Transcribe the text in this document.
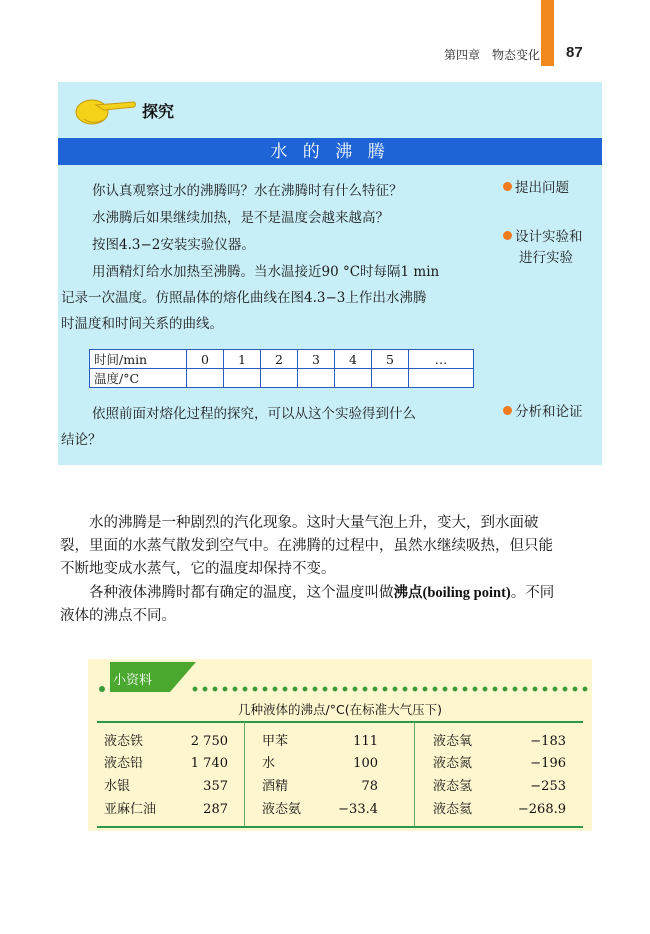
第四章　物态变化 87
探究
水 的 沸 腾
你认真观察过水的沸腾吗？水在沸腾时有什么特征？
水沸腾后如果继续加热，是不是温度会越来越高？
按图4.3−2安装实验仪器。
用酒精灯给水加热至沸腾。当水温接近90 °C时每隔1 min
记录一次温度。仿照晶体的熔化曲线在图4.3−3上作出水沸腾
时温度和时间关系的曲线。
提出问题
设计实验和
进行实验
分析和论证
时间/min	0	1	2	3	4	5	…
温度/°C							
依照前面对熔化过程的探究，可以从这个实验得到什么
结论？
水的沸腾是一种剧烈的汽化现象。这时大量气泡上升，变大，到水面破
裂，里面的水蒸气散发到空气中。在沸腾的过程中，虽然水继续吸热，但只能
不断地变成水蒸气，它的温度却保持不变。
各种液体沸腾时都有确定的温度，这个温度叫做沸点(boiling point)。不同
液体的沸点不同。
小资料
几种液体的沸点/°C(在标准大气压下)
液态铁	2 750	甲苯	111	液态氧	−183
液态铅	1 740	水	100	液态氮	−196
水银	357	酒精	78	液态氢	−253
亚麻仁油	287	液态氨	−33.4	液态氦	−268.9
